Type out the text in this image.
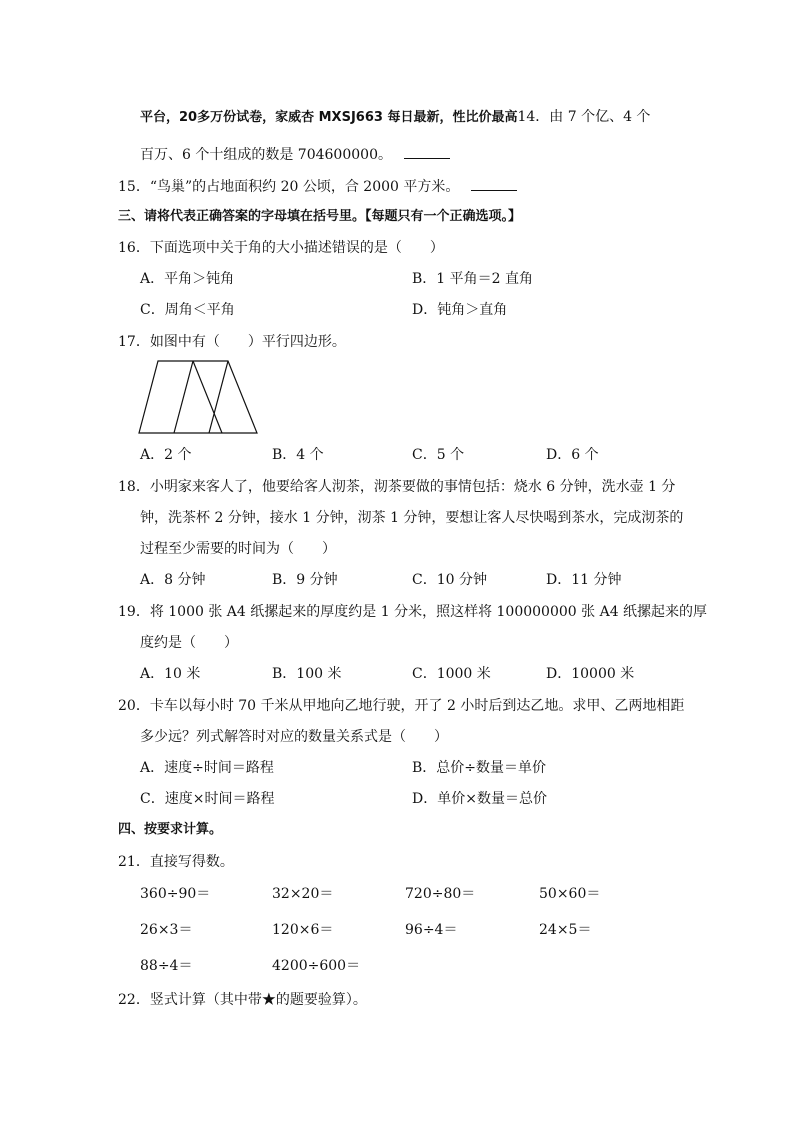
平台，20多万份试卷，家威杏 MXSJ663 每日最新，性比价最高14．由 7 个亿、4 个
百万、6 个十组成的数是 704600000。
15．“鸟巢”的占地面积约 20 公顷，合 2000 平方米。
三、请将代表正确答案的字母填在括号里。【每题只有一个正确选项。】
16．下面选项中关于角的大小描述错误的是（　　）
A．平角＞钝角	B．1 平角＝2 直角
C．周角＜平角	D．钝角＞直角
17．如图中有（　　）平行四边形。
A．2 个	B．4 个	C．5 个	D．6 个
18．小明家来客人了，他要给客人沏茶，沏茶要做的事情包括：烧水 6 分钟，洗水壶 1 分
钟，洗茶杯 2 分钟，接水 1 分钟，沏茶 1 分钟，要想让客人尽快喝到茶水，完成沏茶的
过程至少需要的时间为（　　）
A．8 分钟	B．9 分钟	C．10 分钟	D．11 分钟
19．将 1000 张 A4 纸摞起来的厚度约是 1 分米，照这样将 100000000 张 A4 纸摞起来的厚
度约是（　　）
A．10 米	B．100 米	C．1000 米	D．10000 米
20．卡车以每小时 70 千米从甲地向乙地行驶，开了 2 小时后到达乙地。求甲、乙两地相距
多少远？列式解答时对应的数量关系式是（　　）
A．速度÷时间＝路程	B．总价÷数量＝单价
C．速度×时间＝路程	D．单价×数量＝总价
四、按要求计算。
21．直接写得数。
360÷90＝	32×20＝	720÷80＝	50×60＝
26×3＝	120×6＝	96÷4＝	24×5＝
88÷4＝	4200÷600＝
22．竖式计算（其中带★的题要验算）。
